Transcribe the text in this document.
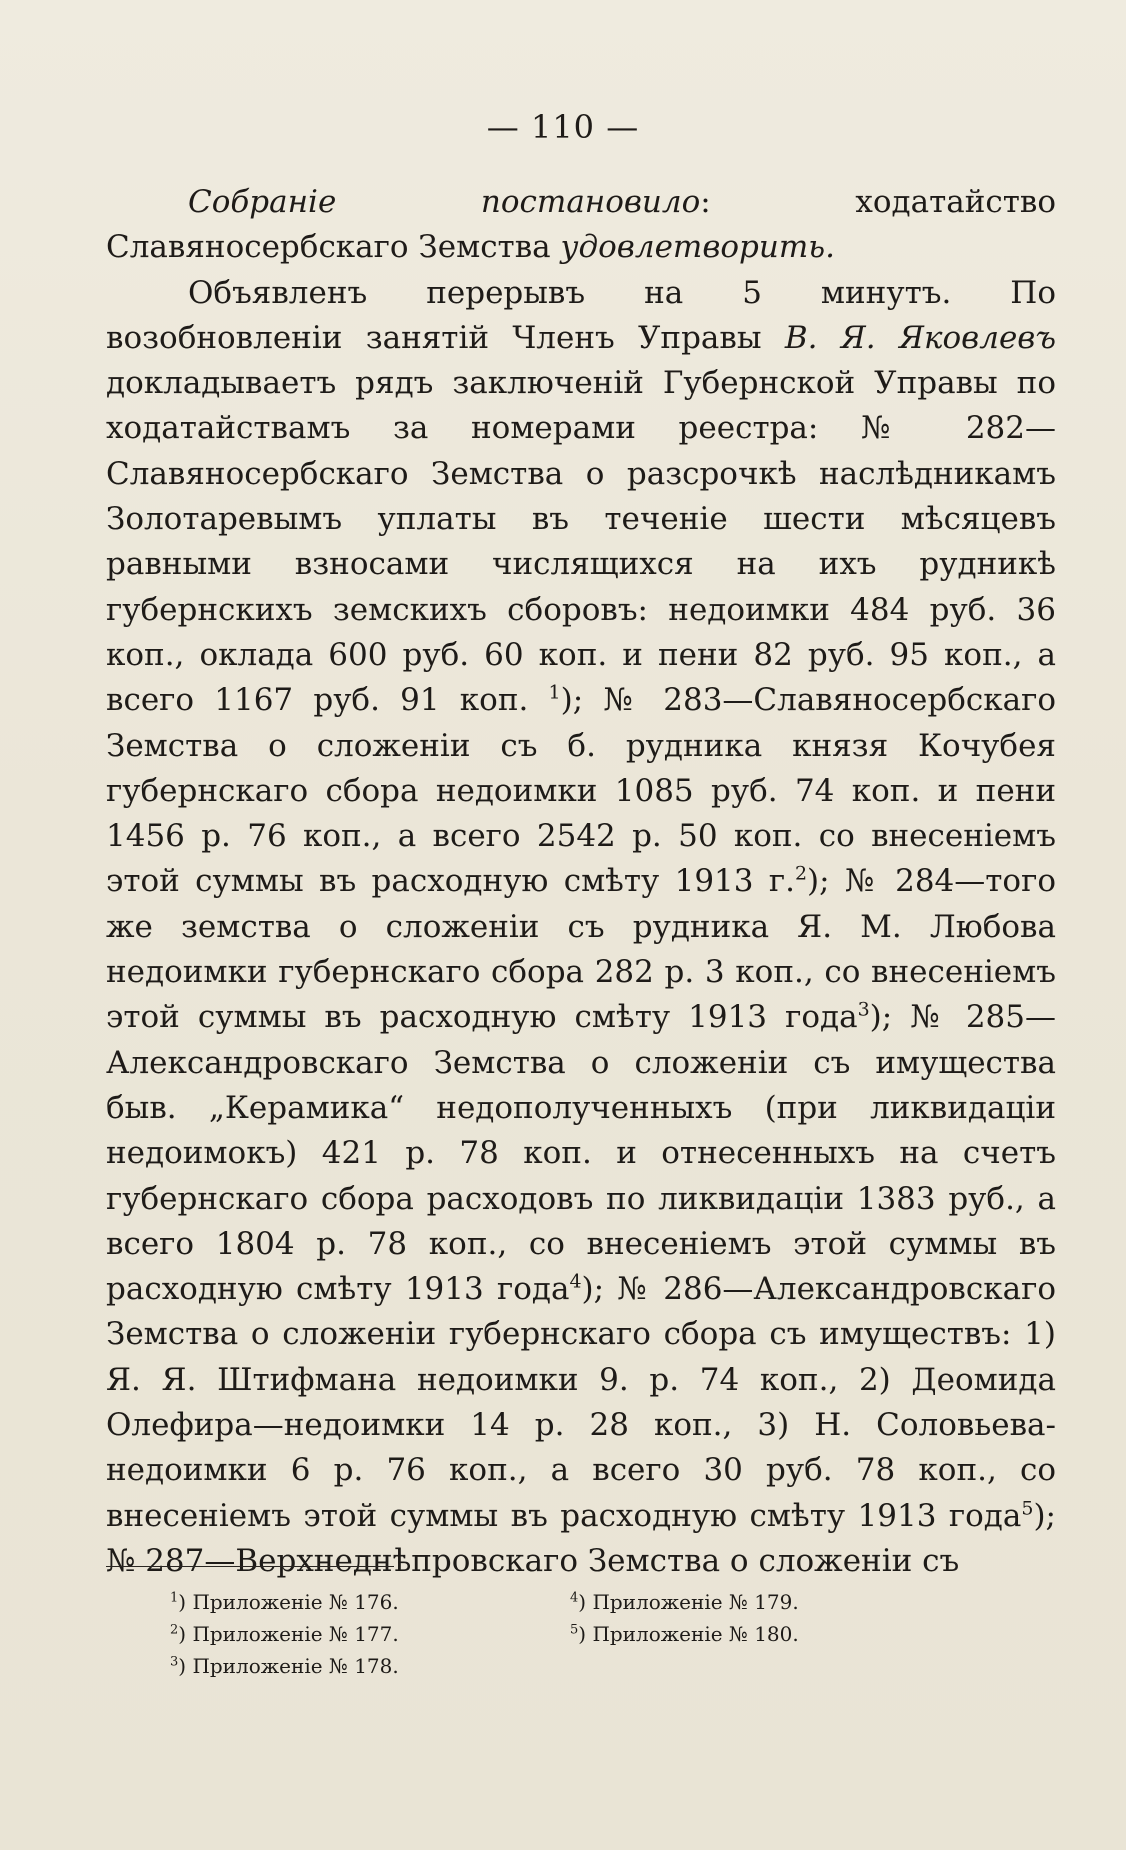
— 110 —

Собраніе постановило: ходатайство Славяносербскаго Земства удовлетворить.

Объявленъ перерывъ на 5 минутъ. По возобновленіи занятій Членъ Управы В. Я. Яковлевъ докладываетъ рядъ заключеній Губернской Управы по ходатайствамъ за номерами реестра: № 282—Славяносербскаго Земства о разсрочкѣ наслѣдникамъ Золотаревымъ уплаты въ теченіе шести мѣсяцевъ равными взносами числящихся на ихъ рудникѣ губернскихъ земскихъ сборовъ: недоимки 484 руб. 36 коп., оклада 600 руб. 60 коп. и пени 82 руб. 95 коп., а всего 1167 руб. 91 коп. $^1$); № 283—Славяносербскаго Земства о сложеніи съ б. рудника князя Кочубея губернскаго сбора недоимки 1085 руб. 74 коп. и пени 1456 р. 76 коп., а всего 2542 р. 50 коп. со внесеніемъ этой суммы въ расходную смѣту 1913 г.$^2$); № 284—того же земства о сложеніи съ рудника Я. М. Любова недоимки губернскаго сбора 282 р. 3 коп., со внесеніемъ этой суммы въ расходную смѣту 1913 года$^3$); № 285—Александровскаго Земства о сложеніи съ имущества быв. „Керамика“ недополученныхъ (при ликвидаціи недоимокъ) 421 р. 78 коп. и отнесенныхъ на счетъ губернскаго сбора расходовъ по ликвидаціи 1383 руб., а всего 1804 р. 78 коп., со внесеніемъ этой суммы въ расходную смѣту 1913 года$^4$); № 286—Александровскаго Земства о сложеніи губернскаго сбора съ имуществъ: 1) Я. Я. Штифмана недоимки 9. р. 74 коп., 2) Деомида Олефира—недоимки 14 р. 28 коп., 3) Н. Соловьева-недоимки 6 р. 76 коп., а всего 30 руб. 78 коп., со внесеніемъ этой суммы въ расходную смѣту 1913 года$^5$); № 287—Верхнеднѣпровскаго Земства о сложеніи съ

$^1$) Приложеніе № 176.
$^2$) Приложеніе № 177.
$^3$) Приложеніе № 178.
$^4$) Приложеніе № 179.
$^5$) Приложеніе № 180.
